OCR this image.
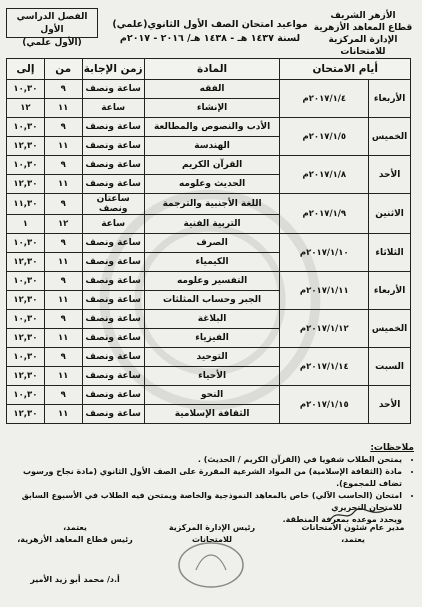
الأزهر الشريف
قطاع المعاهد الأزهرية
الإدارة المركزية للامتحانات
مواعيد امتحان الصف الأول الثانوي(علمي)
لسنة ١٤٣٧ هـ - ١٤٣٨ هـ/ ٢٠١٦ - ٢٠١٧م
الفصل الدراسي الأول
(الأول علمي)
أيام الامتحان		المادة	زمن الإجابة	من	إلى
الأربعاء	٢٠١٧/١/٤م	الفقه	ساعة ونصف	٩	١٠,٣٠
		الإنشاء	ساعة	١١	١٢
الخميس	٢٠١٧/١/٥م	الأدب والنصوص والمطالعة	ساعة ونصف	٩	١٠,٣٠
		الهندسة	ساعة ونصف	١١	١٢,٣٠
الأحد	٢٠١٧/١/٨م	القرآن الكريم	ساعة ونصف	٩	١٠,٣٠
		الحديث وعلومه	ساعة ونصف	١١	١٢,٣٠
الاثنين	٢٠١٧/١/٩م	اللغة الأجنبية والترجمة	ساعتان ونصف	٩	١١,٣٠
		التربية الفنية	ساعة	١٢	١
الثلاثاء	٢٠١٧/١/١٠م	الصرف	ساعة ونصف	٩	١٠,٣٠
		الكيمياء	ساعة ونصف	١١	١٢,٣٠
الأربعاء	٢٠١٧/١/١١م	التفسير وعلومه	ساعة ونصف	٩	١٠,٣٠
		الجبر وحساب المثلثات	ساعة ونصف	١١	١٢,٣٠
الخميس	٢٠١٧/١/١٢م	البلاغة	ساعة ونصف	٩	١٠,٣٠
		الفيزياء	ساعة ونصف	١١	١٢,٣٠
السبت	٢٠١٧/١/١٤م	التوحيد	ساعة ونصف	٩	١٠,٣٠
		الأحياء	ساعة ونصف	١١	١٢,٣٠
الأحد	٢٠١٧/١/١٥م	النحو	ساعة ونصف	٩	١٠,٣٠
		الثقافة الإسلامية	ساعة ونصف	١١	١٢,٣٠
ملاحظات:
• يمتحن الطلاب شفويا في (القرآن الكريم / الحديث) .
• مادة (الثقافة الإسلامية) من المواد الشرعية المقررة على الصف الأول الثانوي (مادة نجاح ورسوب تضاف للمجموع).
• امتحان (الحاسب الآلي) خاص بالمعاهد النموذجية والخاصة ويمتحن فيه الطلاب في الأسبوع السابق للامتحان التحريري
ويحدد موعده بمعرفة المنطقة.
مدير عام شئون الامتحانات
يعتمد،
رئيس الإدارة المركزية للامتحانات
يعتمد،
رئيس قطاع المعاهد الأزهرية،
أ.د/ محمد أبو زيد الأمير
